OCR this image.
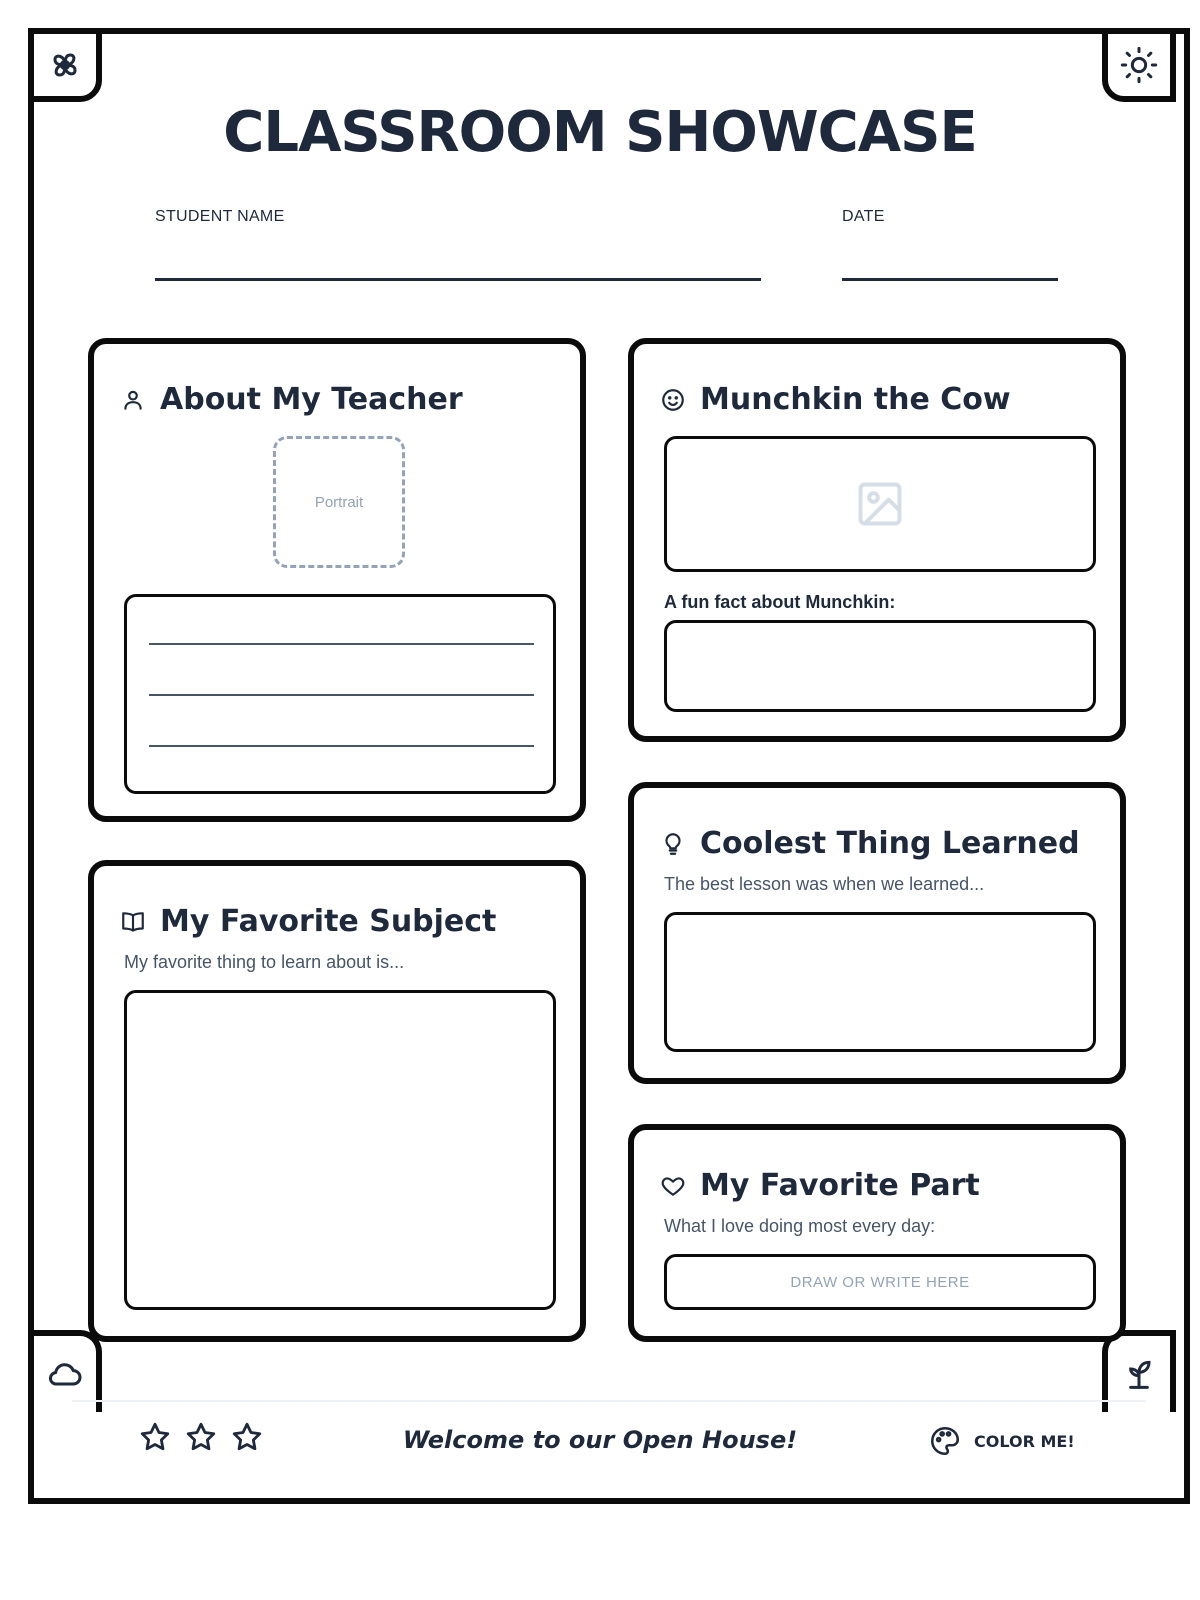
CLASSROOM SHOWCASE
STUDENT NAME	DATE
About My Teacher
Portrait
Munchkin the Cow
A fun fact about Munchkin:
Coolest Thing Learned
The best lesson was when we learned...
My Favorite Subject
My favorite thing to learn about is...
My Favorite Part
What I love doing most every day:
DRAW OR WRITE HERE
Welcome to our Open House!	COLOR ME!
